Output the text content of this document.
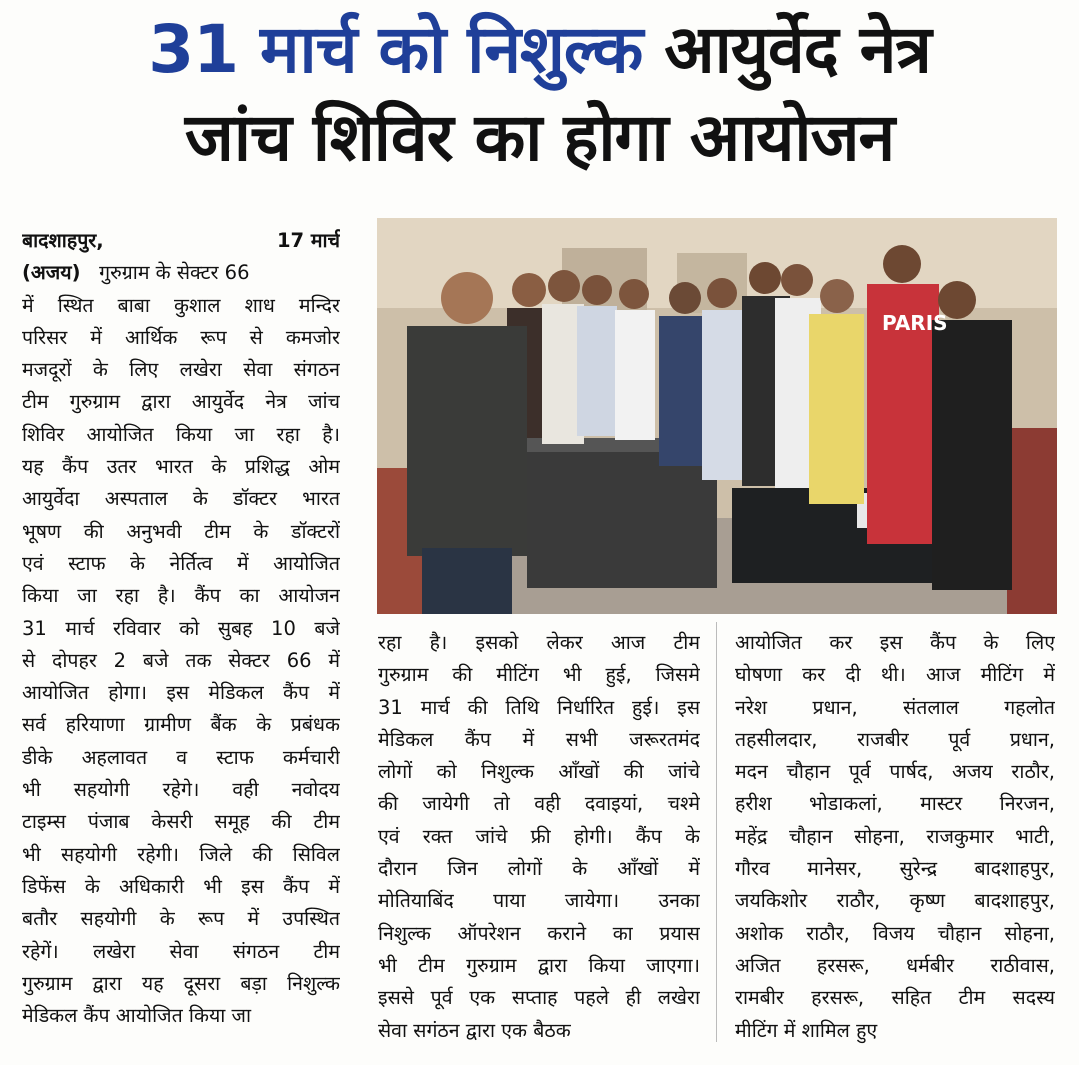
31 मार्च को निशुल्क आयुर्वेद नेत्र
जांच शिविर का होगा आयोजन
बादशाहपुर,	17 मार्च
(अजय) गुरुग्राम के सेक्टर 66
में स्थित बाबा कुशाल शाध मन्दिर
परिसर में आर्थिक रूप से कमजोर
मजदूरों के लिए लखेरा सेवा संगठन
टीम गुरुग्राम द्वारा आयुर्वेद नेत्र जांच
शिविर आयोजित किया जा रहा है।
यह कैंप उतर भारत के प्रशिद्ध ओम
आयुर्वेदा अस्पताल के डॉक्टर भारत
भूषण की अनुभवी टीम के डॉक्टरों
एवं स्टाफ के नेर्तित्व में आयोजित
किया जा रहा है। कैंप का आयोजन
31 मार्च रविवार को सुबह 10 बजे
से दोपहर 2 बजे तक सेक्टर 66 में
आयोजित होगा। इस मेडिकल कैंप में
सर्व हरियाणा ग्रामीण बैंक के प्रबंधक
डीके अहलावत व स्टाफ कर्मचारी
भी सहयोगी रहेगे। वही नवोदय
टाइम्स पंजाब केसरी समूह की टीम
भी सहयोगी रहेगी। जिले की सिविल
डिफेंस के अधिकारी भी इस कैंप में
बतौर सहयोगी के रूप में उपस्थित
रहेगें। लखेरा सेवा संगठन टीम
गुरुग्राम द्वारा यह दूसरा बड़ा निशुल्क
मेडिकल कैंप आयोजित किया जा
PARIS
रहा है। इसको लेकर आज टीम
गुरुग्राम की मीटिंग भी हुई, जिसमे
31 मार्च की तिथि निर्धारित हुई। इस
मेडिकल कैंप में सभी जरूरतमंद
लोगों को निशुल्क आँखों की जांचे
की जायेगी तो वही दवाइयां, चश्मे
एवं रक्त जांचे फ्री होगी। कैंप के
दौरान जिन लोगों के आँखों में
मोतियाबिंद पाया जायेगा। उनका
निशुल्क ऑपरेशन कराने का प्रयास
भी टीम गुरुग्राम द्वारा किया जाएगा।
इससे पूर्व एक सप्ताह पहले ही लखेरा
सेवा सगंठन द्वारा एक बैठक
आयोजित कर इस कैंप के लिए
घोषणा कर दी थी। आज मीटिंग में
नरेश प्रधान, संतलाल गहलोत
तहसीलदार, राजबीर पूर्व प्रधान,
मदन चौहान पूर्व पार्षद, अजय राठौर,
हरीश भोडाकलां, मास्टर निरजन,
महेंद्र चौहान सोहना, राजकुमार भाटी,
गौरव मानेसर, सुरेन्द्र बादशाहपुर,
जयकिशोर राठौर, कृष्ण बादशाहपुर,
अशोक राठौर, विजय चौहान सोहना,
अजित हरसरू, धर्मबीर राठीवास,
रामबीर हरसरू, सहित टीम सदस्य
मीटिंग में शामिल हुए
